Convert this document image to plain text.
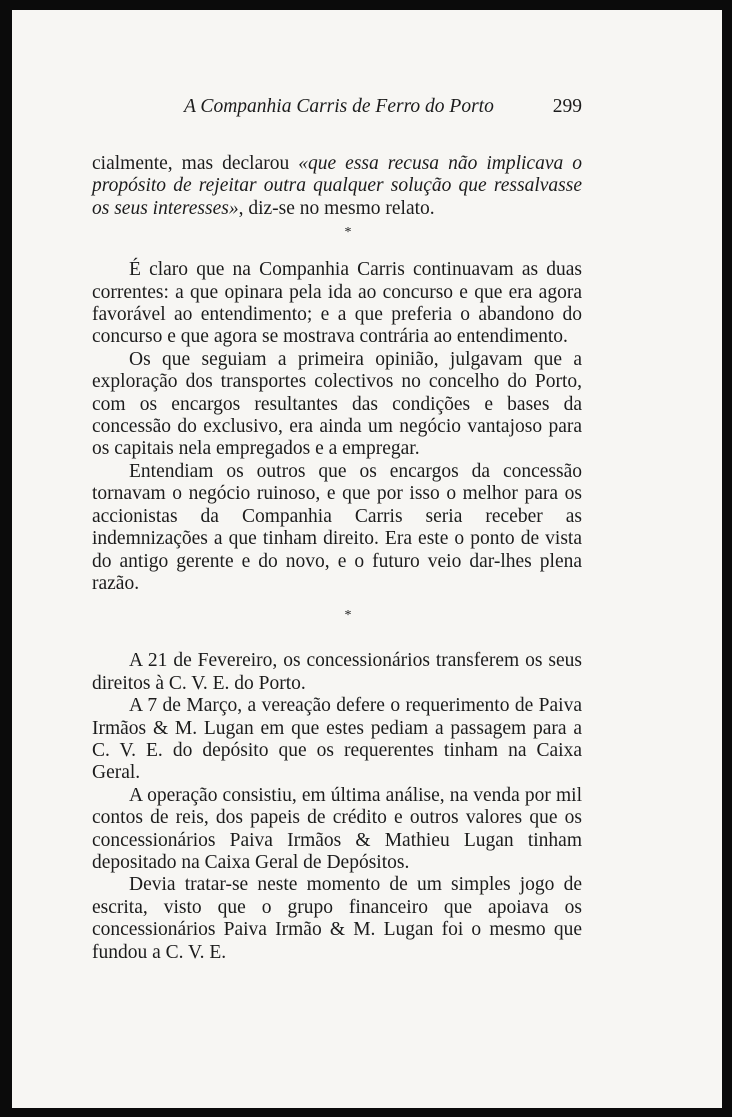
A Companhia Carris de Ferro do Porto	299

cialmente, mas declarou «que essa recusa não implicava o propósito de rejeitar outra qualquer solução que ressalvasse os seus interesses», diz-se no mesmo relato.

*

É claro que na Companhia Carris continuavam as duas correntes: a que opinara pela ida ao concurso e que era agora favorável ao entendimento; e a que preferia o abandono do concurso e que agora se mostrava contrária ao entendimento.

Os que seguiam a primeira opinião, julgavam que a exploração dos transportes colectivos no concelho do Porto, com os encargos resultantes das condições e bases da concessão do exclusivo, era ainda um negócio vantajoso para os capitais nela empregados e a empregar.

Entendiam os outros que os encargos da concessão tornavam o negócio ruinoso, e que por isso o melhor para os accionistas da Companhia Carris seria receber as indemnizações a que tinham direito. Era este o ponto de vista do antigo gerente e do novo, e o futuro veio dar-lhes plena razão.

*

A 21 de Fevereiro, os concessionários transferem os seus direitos à C. V. E. do Porto.

A 7 de Março, a vereação defere o requerimento de Paiva Irmãos & M. Lugan em que estes pediam a passagem para a C. V. E. do depósito que os requerentes tinham na Caixa Geral.

A operação consistiu, em última análise, na venda por mil contos de reis, dos papeis de crédito e outros valores que os concessionários Paiva Irmãos & Mathieu Lugan tinham depositado na Caixa Geral de Depósitos.

Devia tratar-se neste momento de um simples jogo de escrita, visto que o grupo financeiro que apoiava os concessionários Paiva Irmão & M. Lugan foi o mesmo que fundou a C. V. E.
